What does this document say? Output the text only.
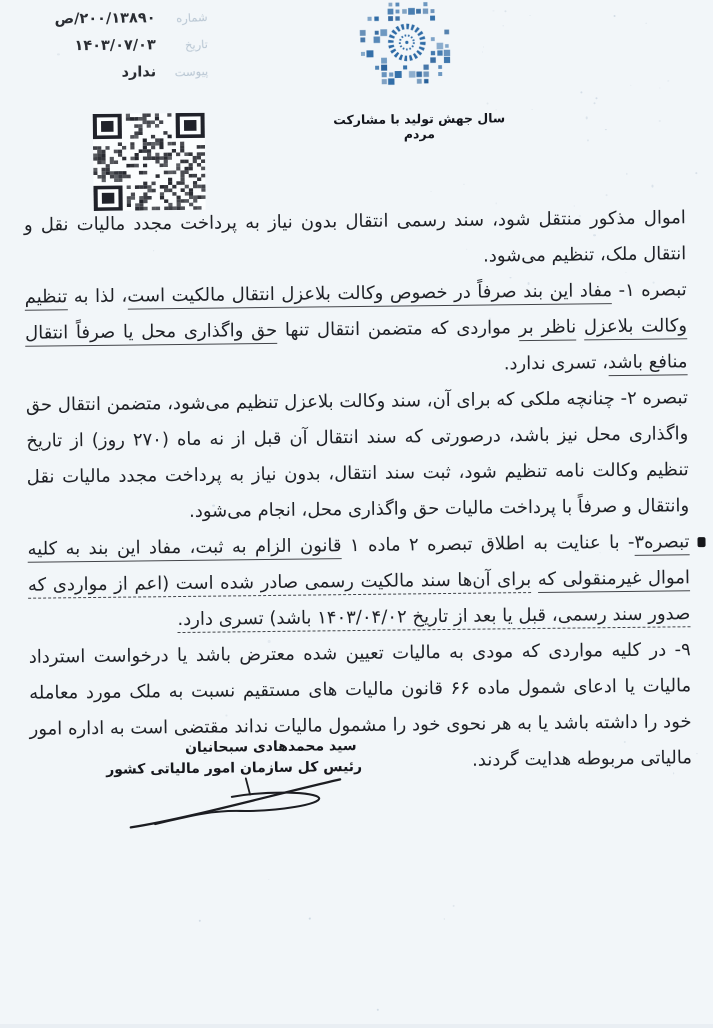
شماره
۲۰۰/۱۳۸۹۰/ص
تاریخ
۱۴۰۳/۰۷/۰۳
پیوست
ندارد
سال جهش تولید با مشارکت مردم

اموال مذکور منتقل شود، سند رسمی انتقال بدون نیاز به پرداخت مجدد مالیات نقل و انتقال ملک، تنظیم می‌شود.

تبصره ۱- مفاد این بند صرفاً در خصوص وکالت بلاعزل انتقال مالکیت است، لذا به تنظیم وکالت بلاعزل ناظر بر مواردی که متضمن انتقال تنها حق واگذاری محل یا صرفاً انتقال منافع باشد، تسری ندارد.

تبصره ۲- چنانچه ملکی که برای آن، سند وکالت بلاعزل تنظیم می‌شود، متضمن انتقال حق واگذاری محل نیز باشد، درصورتی که سند انتقال آن قبل از نه ماه (۲۷۰ روز) از تاریخ تنظیم وکالت نامه تنظیم شود، ثبت سند انتقال، بدون نیاز به پرداخت مجدد مالیات نقل وانتقال و صرفاً با پرداخت مالیات حق واگذاری محل، انجام می‌شود.

تبصره۳- با عنایت به اطلاق تبصره ۲ ماده ۱ قانون الزام به ثبت، مفاد این بند به کلیه اموال غیرمنقولی که برای آن‌ها سند مالکیت رسمی صادر شده است (اعم از مواردی که صدور سند رسمی، قبل یا بعد از تاریخ ۱۴۰۳/۰۴/۰۲ باشد) تسری دارد.

۹- در کلیه مواردی که مودی به مالیات تعیین شده معترض باشد یا درخواست استرداد مالیات یا ادعای شمول ماده ۶۶ قانون مالیات های مستقیم نسبت به ملک مورد معامله خود را داشته باشد یا به هر نحوی خود را مشمول مالیات نداند مقتضی است به اداره امور مالیاتی مربوطه هدایت گردند.

سید محمدهادی سبحانیان
رئیس کل سازمان امور مالیاتی کشور
